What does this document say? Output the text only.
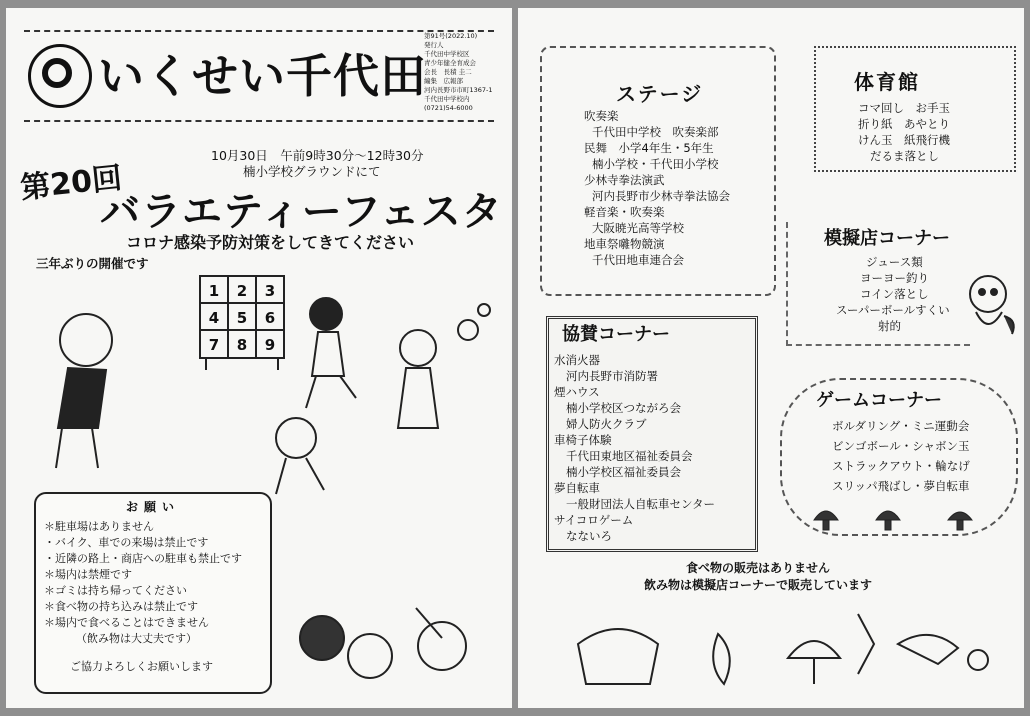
いくせい千代田
第91号(2022.10)
発行人
千代田中学校区
青少年健全育成会
会長　長積 圭二
編集　広報部
河内長野市市町1367-1
千代田中学校内
(0721)54-6000
第20回
10月30日　午前9時30分～12時30分
楠小学校グラウンドにて
バラエティーフェスタ
コロナ感染予防対策をしてきてください
三年ぶりの開催です
1 2 3
4 5 6
7 8 9
お願い
＊駐車場はありません
・バイク、車での来場は禁止です
・近隣の路上・商店への駐車も禁止です
＊場内は禁煙です
＊ゴミは持ち帰ってください
＊食べ物の持ち込みは禁止です
＊場内で食べることはできません
（飲み物は大丈夫です）
ご協力よろしくお願いします
ステージ
吹奏楽
千代田中学校　吹奏楽部
民舞　小学4年生・5年生
楠小学校・千代田小学校
少林寺拳法演武
河内長野市少林寺拳法協会
軽音楽・吹奏楽
大阪暁光高等学校
地車祭囃物競演
千代田地車連合会
協賛コーナー
水消火器
河内長野市消防署
煙ハウス
楠小学校区つながろ会
婦人防火クラブ
車椅子体験
千代田東地区福祉委員会
楠小学校区福祉委員会
夢自転車
一般財団法人自転車センター
サイコロゲーム
なないろ
体育館
コマ回し　お手玉
折り紙　あやとり
けん玉　紙飛行機
だるま落とし
模擬店コーナー
ジュース類
ヨーヨー釣り
コイン落とし
スーパーボールすくい
射的
ゲームコーナー
ボルダリング・ミニ運動会
ビンゴボール・シャボン玉
ストラックアウト・輪なげ
スリッパ飛ばし・夢自転車
食べ物の販売はありません
飲み物は模擬店コーナーで販売しています
